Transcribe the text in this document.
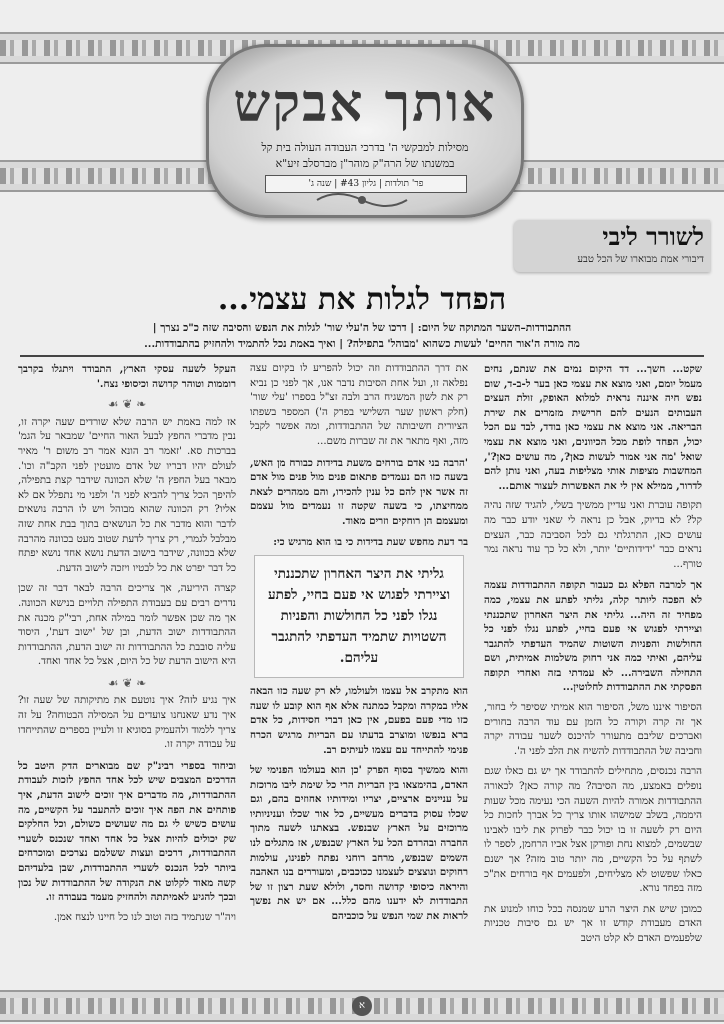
אותך אבקש
מסילות למבקשי ה' בדרכי העבודה העולה בית קל
במשנתו של הרה"ק מוהר"ן מברסלב זיע"א
פר' תולדות | גליון #43 | שנה ג'
לשורר ליבי
דיבורי אמת מבוארו של הכל טבע
הפחד לגלות את עצמי...
ההתבודדות–השער המתוקה של היום: | דרכו של ה'עלי שור' לגלות את הנפש והסיבה שזה כ"כ נצרך |
מה מורה ה'אור החיים' לעשות כשהוא 'מבוהל' בתפילה? | ואיך באמת נכל להתמיד ולהחזיק בהתבודדות...

שקט... חשך... דד היקום נמים את שנתם, נחים מעמל יומם, ואני מוצא את עצמי כאן בער ל-ב-ד, שום נפש חיה איננה נראית למלוא האופק, זולת העצים העבותים הנעים להם חרישית מזמרים את שירת הבריאה. אני מוצא את עצמי כאן בודד, לבד עם הכל יכול, הפחד לופת מכל הכיוונים, ואני מוצא את עצמי שואל 'מה אני אמור לעשות כאן?, מה עושים כאן?', המחשבות מציפות אותי מצליפות בעה, ואני נותן להם לדרור, ממילא אין לי את האפשרות לעצור אותם...

תקופה עוברת ואני עדיין ממשיך בשלי, להגיד שזה נהיה קל? לא בדיוק, אבל כן נראה לי שאני יודע כבר מה עושים כאן, התרגלתי גם לכל הסביבה כבר, העצים נראים כבר 'ידידותיים' יותר, ולא כל כך עוד נראה נמר טורף...

אך למרבה הפלא גם כעבור תקופה ההתבודדות עצמה לא הפכה ליותר קלה, גליתי לפתע את עצמי, כמה מפחיד זה היה... גליתי את היצר האחרון שתכננתי וציירתי לפגוש אי פעם בחיי, לפתע נגלו לפני כל החולשות והפניות השוטות שהמיד העדפתי להתגבר עליהם, ואיתי כמה אני רחוק משלמות אמיתית, ושם התחילה השבירה... לא עמדתי בזה ואחרי תקופה הפסקתי את ההתבודדות לחלוטין...

הסיפור איננו משל, הסיפור הוא אמיתי שסיפר לי בחור, אך זה קרה וקורה כל הזמן עם עוד הרבה בחורים ואברכים שליבם מתעורר להיכנס לשער עבודה יקרה וחביבה של ההתבודדות להשיח את הלב לפני ה'.

הרבה נכנסים, מתחילים להתבודד אך יש גם כאלו שגם נופלים באמצע, מה הסיבה? מה קורה כאן? לכאורה ההתבודדות אמורה להיות השעה הכי נעימה מכל שעות היממה, בשלב שמישהו אותו צריך כל אברך לחכות כל היום רק לשעה זו בו יכול כבר לפרוק את ליבו לאבינו שבשמים, למצוא נחת ופורקן אצל אביו הרחמן, לספר לו לשתף על כל הקשיים, מה יותר טוב מזה? אך ישנם כאלו שפשוט לא מצליחים, ולפעמים אף בורחים את"כ מזה בפחד נורא.

כמובן שיש את היצר הרע שמנסה בכל כוחו למנוע את האדם מעבודת קודש זו אך יש גם סיבות טכניות שלפעמים האדם לא קלט היטב

את דרך ההתבודדות וזה יכול להפריע לו בקיום עצה נפלאה זו, ועל אחת הסיבות נדבר אנו, אך לפני כן נביא רק את לשון המשגיח הרב ולבה זצ"ל בספרו 'עלי שור' (חלק ראשון שער השלישי בפרק ה') המספר בשפתו הציורית חשיבותה של ההתבודדות, ומה אפשר לקבל מזה, ואף מתאר את זה שברות משם...

'הרבה בני אדם בורחים משעת בדידות כבורח מן האש, בשעה כזו הם נעמדים פתאום פנים מול פנים מול אדם זה אשר אין להם כל ענין להכירו, והם ממהרים לצאת ממחיצתו, כי בשעה שקטה זו נעמדים מול עצמם ומעצמם הן רוחקים וזרים מאוד.

בר דעת מחפש שעת בדידות כי בו הוא מרגיש כי:

גליתי את היצר האחרון שתכננתי וציירתי לפגוש אי פעם בחיי, לפתע נגלו לפני כל החולשות והפניות השטויות שתמיד העדפתי להתגבר עליהם.

הוא מתקרב אל עצמו ולעולמו, לא רק שעה כזו הבאה אליו במקרה ומקבל כמתנה אלא אף הוא קובע לו שעה כזו מדי פעם בפעם, אין כאן דברי חסידות, כל אדם ברא בנפשו ומוצרב בדעתו עם הבריות מרגיש הכרח פנימי להתייחד עם עצמו לעיתים רב.

והוא ממשיך בסוף הפרק 'כן הוא בעולמו הפנימי של האדם, בהימצאו בין הבריות הרי כל שימת ליבו מרוכזת על עניינים ארציים, יצריו ומידותיו אחוזים בהם, וגם שכלו עסוק בדברים מעשיים, כל אור שכלו ועניניותיו מרוכזים על הארץ שבנפש. בצאתנו לשעה מתוך החברה ובהרדם הכל על הארץ שבנפש, אז מתגלים לנו השמים שבנפש, מרחב רוחני נפתח לפנינו, עולמות רחוקים ונוצצים לעצמנו ככוכבים, ומעוררים בנו האהבה והיראה כיסופי קדושה וחסד, ולולא שעת רצון זו של התבודדות לא ידענו מהם כלל... אם יש את נפשך לראות את שמי הנפש על כוכביהם

העקל לשעה עסקי הארץ, התבודד ויתגלו בקרבך רוממות וטוהר קדושה וכיסופי נצח.'

❧ ❦ ☙

אז למה באמת יש הרבה שלא שורדים שעה יקרה זו, נבין מדברי החפץ לבעל האור החיים' שמבאר על הגמ' בברכות סא. 'זאמר רב הונא אמר רב משום ר' מאיר לעולם יהיו דבריו של אדם מועטין לפני הקב"ה וכו'. מבאר בעל החפץ ה' שלא הכוונה שידבר קצת בתפילה, להיפך הכל צריך להביא לפני ה' ולפני מי נתפלל אם לא אליו? רק הכוונה שהוא מבוהל ויש לו הרבה נושאים לדבר והוא מדבר את כל הנושאים בתוך בבת אחת שזה מבלבל לגמרי, רק צריך לדעת שטוב מעט בכוונה מהרבה שלא בכוונה, שידבר בישוב הדעת נושא אחד נושא יפתח כל דבר יפרט את כל לבטיו ויזכה לישוב הדעת.

קצרה היריעה, אך צריכים הרבה לבאר דבר זה שכן נדרים רבים עם בעבודת התפילה תלויים בנישא הכוונה. אך מה שכן אפשר לומר במילה אחת, רבי"ק מכנה את ההתבודדות ישוב הדעת, ובן של 'ישוב דעת', היסוד עליה סובבת כל ההתבודדות זה ישוב הדעת, ההתבודדות היא הישוב הדעת של כל היום, אצל כל אחד ואחד.

❧ ❦ ☙

איך נגיע לזה? איך נוטעם את מתיקותה של שעה זו? איך נדע שאנחנו צועדים על המסילה הבטוחה? על זה צריך ללמוד ולהעמיק בסוגיא זו ולעיין בספרים שהתייחדו על עבודה יקרה זו.

וביחוד בספרי רבינ"ק שם מבוארים הדק היטב כל הדרכים המצבים שיש לכל אחד החפץ לזכות לעבודת ההתבודדות, מה מדברים איך זוכים לישוב הדעת, איך פותחים את הפה איך זוכים להתעבר על הקשיים, מה עושים כשיש לי גם מה שעושים כשולם, וכל החלקים שק יכולים להיות אצל כל אחד ואחד שנכנס לשערי ההתבודדות, דרכים ועצות ששלמם נצרכים ומוכרחים ביותר לכל הנכנס לשערי ההתבודדות, שבן בלעדיהם קשה מאוד לקלוט את הנקודה של ההתבודדות של נכון ובכך להגיע לאמיתתה ולהחזיק מעמד בעבודה זו.

ויה"ר שנתמיד בזה וטוב לנו כל חיינו לנצח אמן.

א
